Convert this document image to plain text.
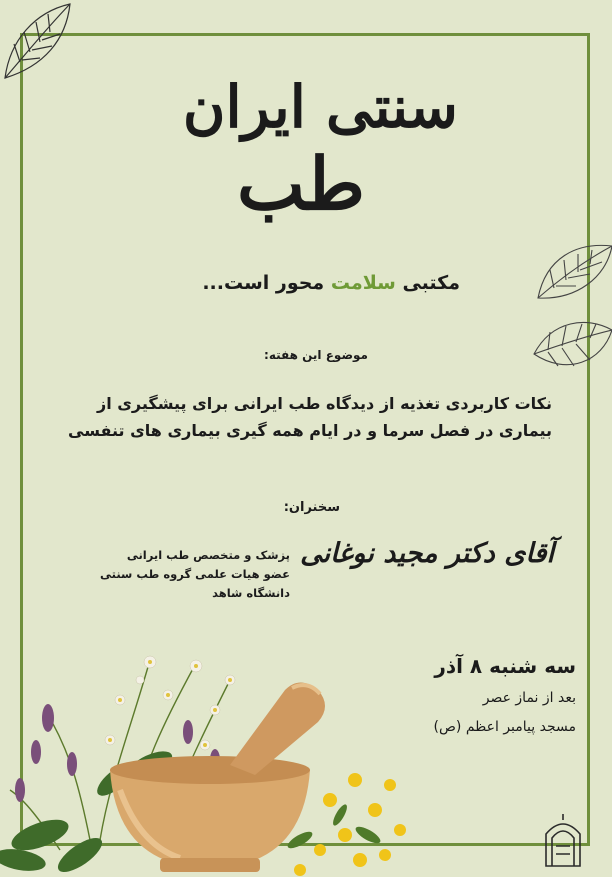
سنتی ایران
طب
مکتبی سلامت محور است...
موضوع این هفته:
نکات کاربردی تغذیه از دیدگاه طب ایرانی برای پیشگیری از
بیماری در فصل سرما و در ایام همه گیری بیماری های تنفسی
سخنران:
آقای دکتر مجید نوغانی
پزشک و متخصص طب ایرانی
عضو هیات علمی گروه طب سنتی
دانشگاه شاهد
سه شنبه ۸ آذر
بعد از نماز عصر
مسجد پیامبر اعظم (ص)
